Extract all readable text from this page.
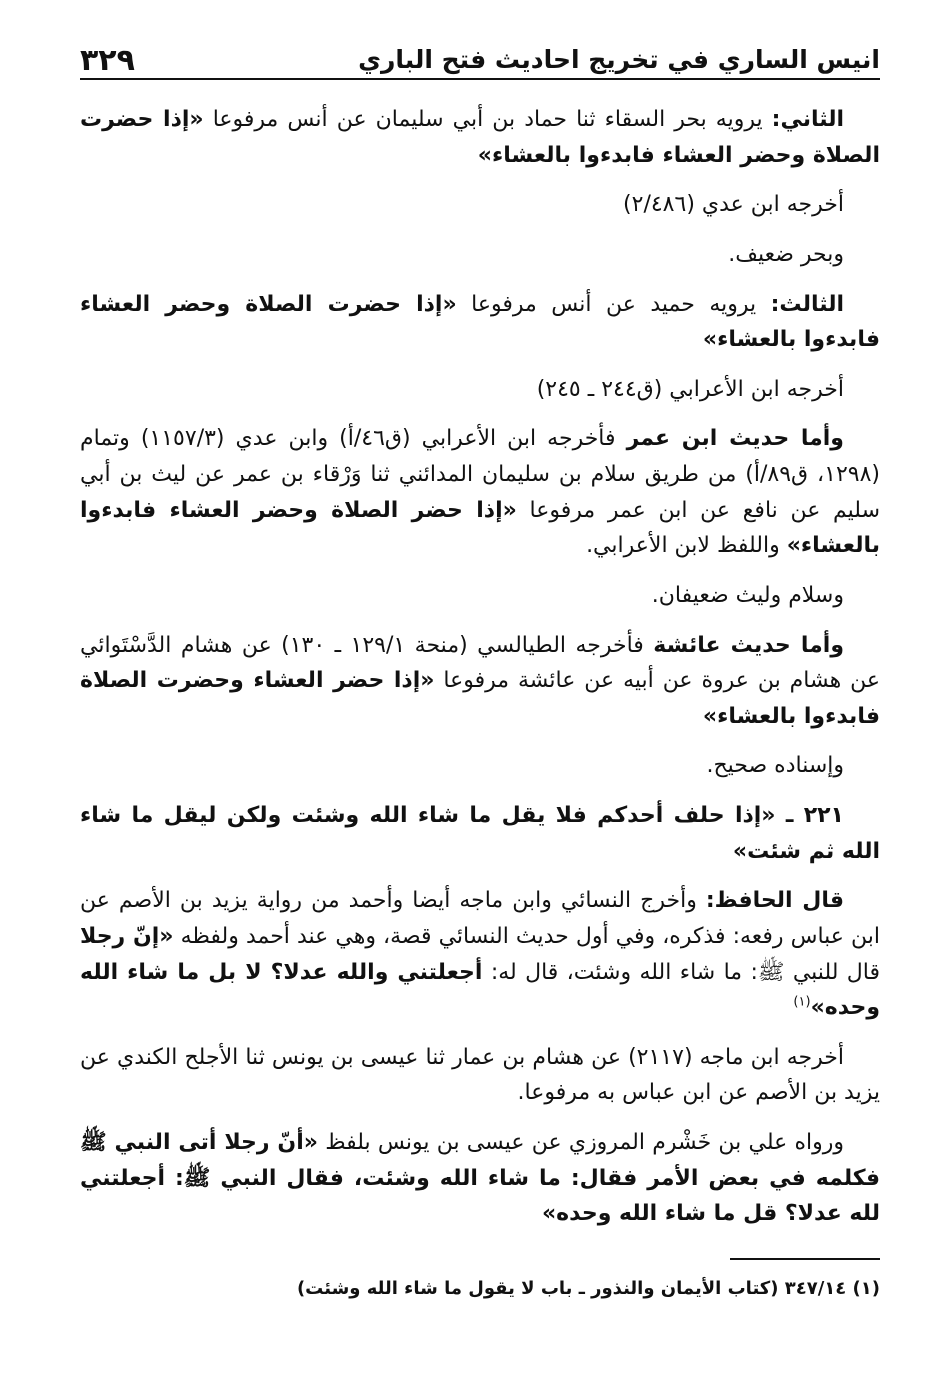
انيس الساري في تخريج احاديث فتح الباري
٣٢٩

الثاني: يرويه بحر السقاء ثنا حماد بن أبي سليمان عن أنس مرفوعا «إذا حضرت الصلاة وحضر العشاء فابدءوا بالعشاء»

أخرجه ابن عدي (٢/٤٨٦)

وبحر ضعيف.

الثالث: يرويه حميد عن أنس مرفوعا «إذا حضرت الصلاة وحضر العشاء فابدءوا بالعشاء»

أخرجه ابن الأعرابي (ق٢٤٤ ـ ٢٤٥)

وأما حديث ابن عمر فأخرجه ابن الأعرابي (ق٤٦/أ) وابن عدي (١١٥٧/٣) وتمام (١٢٩٨، ق٨٩/أ) من طريق سلام بن سليمان المدائني ثنا وَرْقاء بن عمر عن ليث بن أبي سليم عن نافع عن ابن عمر مرفوعا «إذا حضر الصلاة وحضر العشاء فابدءوا بالعشاء» واللفظ لابن الأعرابي.

وسلام وليث ضعيفان.

وأما حديث عائشة فأخرجه الطيالسي (منحة ١٢٩/١ ـ ١٣٠) عن هشام الدَّسْتَوائي عن هشام بن عروة عن أبيه عن عائشة مرفوعا «إذا حضر العشاء وحضرت الصلاة فابدءوا بالعشاء»

وإسناده صحيح.

٢٢١ ـ «إذا حلف أحدكم فلا يقل ما شاء الله وشئت ولكن ليقل ما شاء الله ثم شئت»

قال الحافظ: وأخرج النسائي وابن ماجه أيضا وأحمد من رواية يزيد بن الأصم عن ابن عباس رفعه: فذكره، وفي أول حديث النسائي قصة، وهي عند أحمد ولفظه «إنّ رجلا قال للنبي ﷺ: ما شاء الله وشئت، قال له: أجعلتني والله عدلا؟ لا بل ما شاء الله وحده»$^{(١)}$

أخرجه ابن ماجه (٢١١٧) عن هشام بن عمار ثنا عيسى بن يونس ثنا الأجلح الكندي عن يزيد بن الأصم عن ابن عباس به مرفوعا.

ورواه علي بن خَشْرم المروزي عن عيسى بن يونس بلفظ «أنّ رجلا أتى النبي ﷺ فكلمه في بعض الأمر فقال: ما شاء الله وشئت، فقال النبي ﷺ: أجعلتني لله عدلا؟ قل ما شاء الله وحده»

(١) ٣٤٧/١٤ (كتاب الأيمان والنذور ـ باب لا يقول ما شاء الله وشئت)
